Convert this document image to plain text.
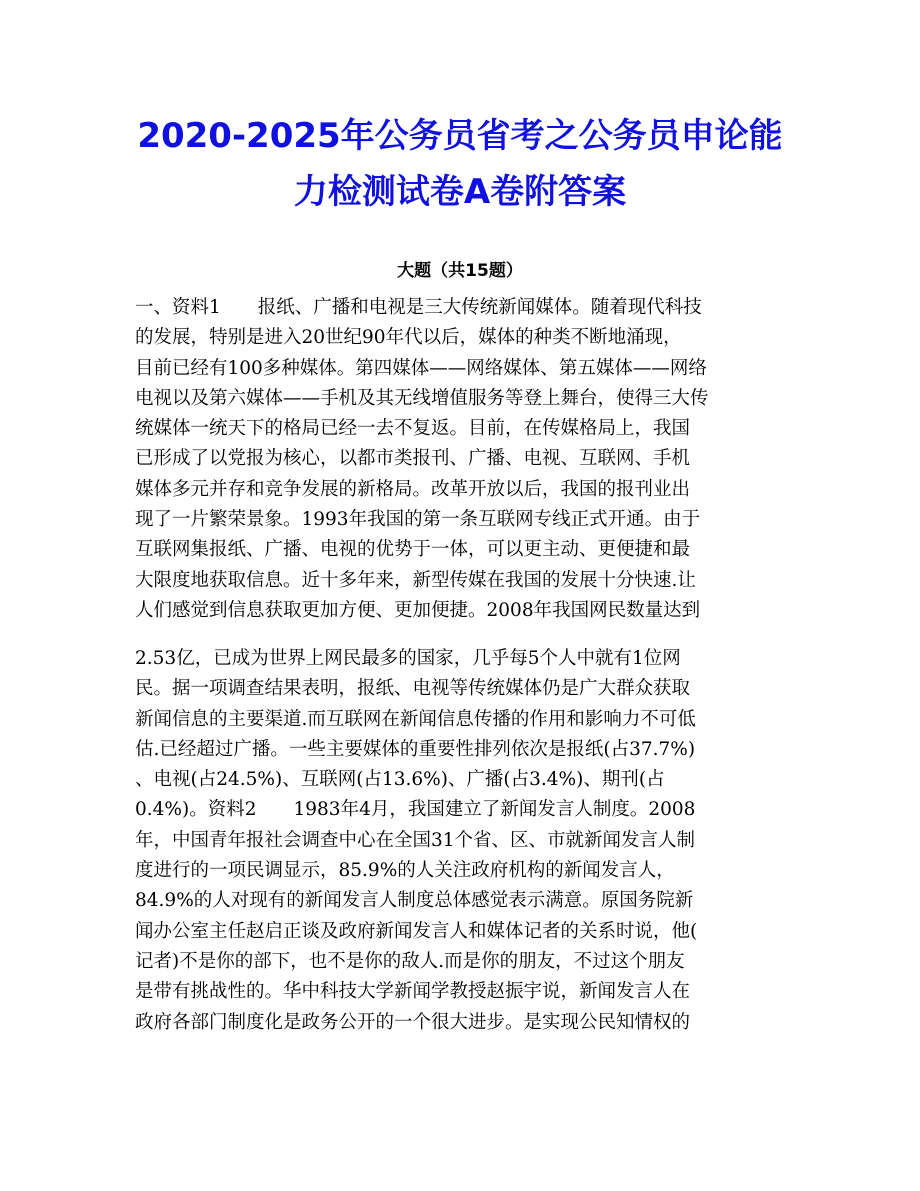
2020-2025年公务员省考之公务员申论能
力检测试卷A卷附答案
大题（共15题）
一、资料1　　报纸、广播和电视是三大传统新闻媒体。随着现代科技
的发展，特别是进入20世纪90年代以后，媒体的种类不断地涌现，
目前已经有100多种媒体。第四媒体——网络媒体、第五媒体——网络
电视以及第六媒体——手机及其无线增值服务等登上舞台，使得三大传
统媒体一统天下的格局已经一去不复返。目前，在传媒格局上，我国
已形成了以党报为核心，以都市类报刊、广播、电视、互联网、手机
媒体多元并存和竞争发展的新格局。改革开放以后，我国的报刊业出
现了一片繁荣景象。1993年我国的第一条互联网专线正式开通。由于
互联网集报纸、广播、电视的优势于一体，可以更主动、更便捷和最
大限度地获取信息。近十多年来，新型传媒在我国的发展十分快速.让
人们感觉到信息获取更加方便、更加便捷。2008年我国网民数量达到
2.53亿，已成为世界上网民最多的国家，几乎每5个人中就有1位网
民。据一项调查结果表明，报纸、电视等传统媒体仍是广大群众获取
新闻信息的主要渠道.而互联网在新闻信息传播的作用和影响力不可低
估.已经超过广播。一些主要媒体的重要性排列依次是报纸(占37.7%)
、电视(占24.5%)、互联网(占13.6%)、广播(占3.4%)、期刊(占
0.4%)。资料2　　1983年4月，我国建立了新闻发言人制度。2008
年，中国青年报社会调查中心在全国31个省、区、市就新闻发言人制
度进行的一项民调显示，85.9%的人关注政府机构的新闻发言人，
84.9%的人对现有的新闻发言人制度总体感觉表示满意。原国务院新
闻办公室主任赵启正谈及政府新闻发言人和媒体记者的关系时说，他(
记者)不是你的部下，也不是你的敌人.而是你的朋友，不过这个朋友
是带有挑战性的。华中科技大学新闻学教授赵振宇说，新闻发言人在
政府各部门制度化是政务公开的一个很大进步。是实现公民知情权的
